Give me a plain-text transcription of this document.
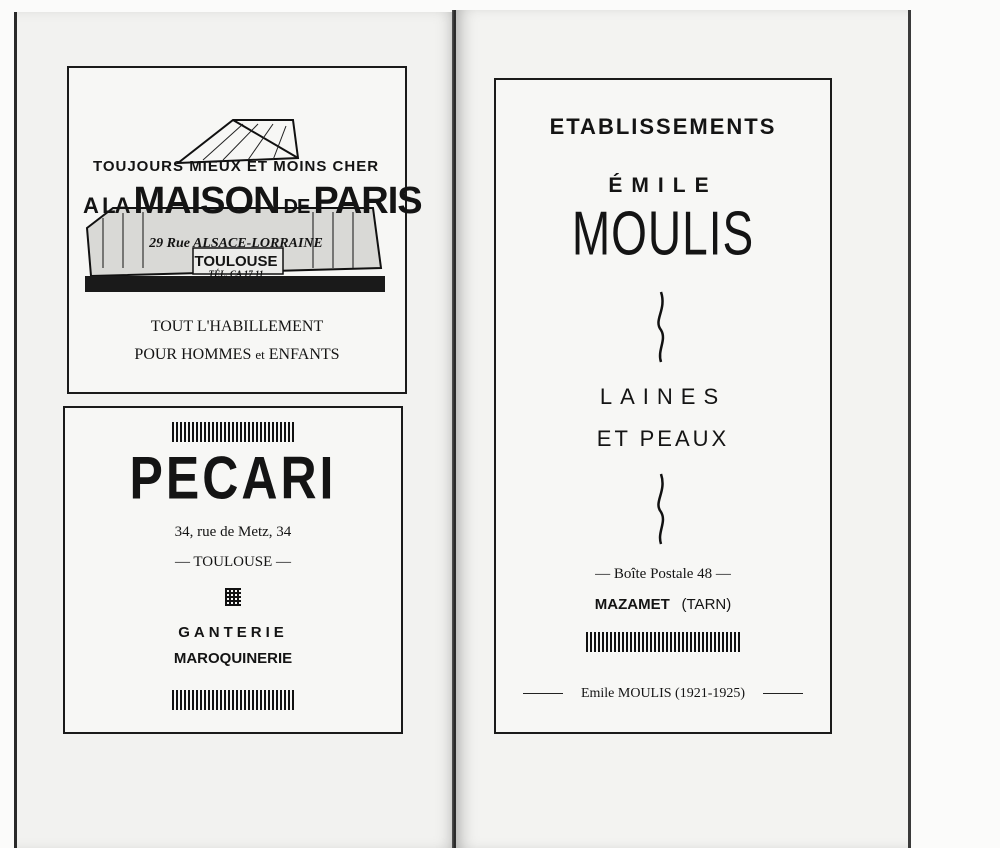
TOUJOURS MIEUX ET MOINS CHER
A LA MAISON DE PARIS
29 Rue ALSACE-LORRAINE
TOULOUSE
TÉL. CA 17 11
TOUT L'HABILLEMENT
POUR HOMMES et ENFANTS
PECARI
34, rue de Metz, 34
— TOULOUSE —
GANTERIE
MAROQUINERIE
ETABLISSEMENTS
ÉMILE
MOULIS
LAINES
ET PEAUX
— Boîte Postale 48 —
MAZAMET (TARN)
Emile MOULIS (1921-1925)
